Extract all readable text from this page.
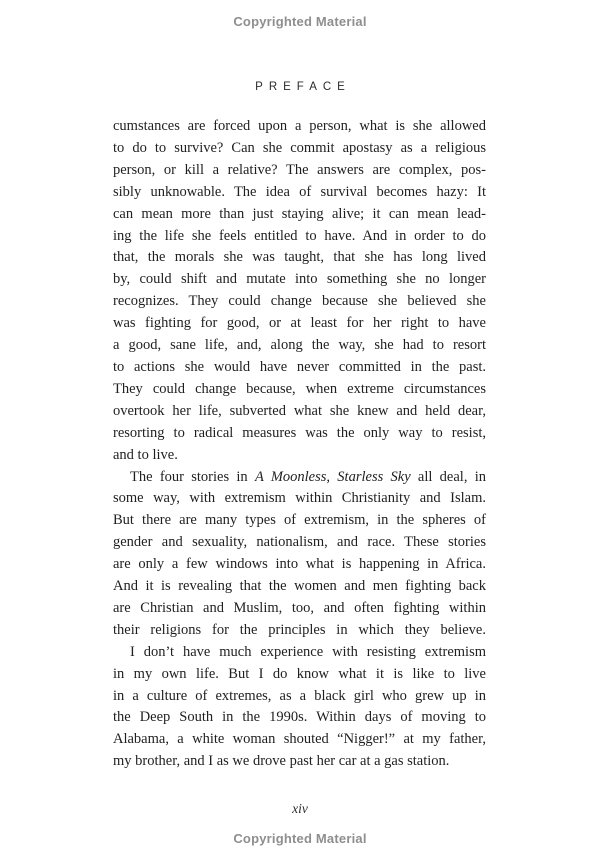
Copyrighted Material
PREFACE
cumstances are forced upon a person, what is she allowed
to do to survive? Can she commit apostasy as a religious
person, or kill a relative? The answers are complex, pos-
sibly unknowable. The idea of survival becomes hazy: It
can mean more than just staying alive; it can mean lead-
ing the life she feels entitled to have. And in order to do
that, the morals she was taught, that she has long lived
by, could shift and mutate into something she no longer
recognizes. They could change because she believed she
was fighting for good, or at least for her right to have
a good, sane life, and, along the way, she had to resort
to actions she would have never committed in the past.
They could change because, when extreme circumstances
overtook her life, subverted what she knew and held dear,
resorting to radical measures was the only way to resist,
and to live.
The four stories in A Moonless, Starless Sky all deal, in
some way, with extremism within Christianity and Islam.
But there are many types of extremism, in the spheres of
gender and sexuality, nationalism, and race. These stories
are only a few windows into what is happening in Africa.
And it is revealing that the women and men fighting back
are Christian and Muslim, too, and often fighting within
their religions for the principles in which they believe.
I don’t have much experience with resisting extremism
in my own life. But I do know what it is like to live
in a culture of extremes, as a black girl who grew up in
the Deep South in the 1990s. Within days of moving to
Alabama, a white woman shouted “Nigger!” at my father,
my brother, and I as we drove past her car at a gas station.
xiv
Copyrighted Material
